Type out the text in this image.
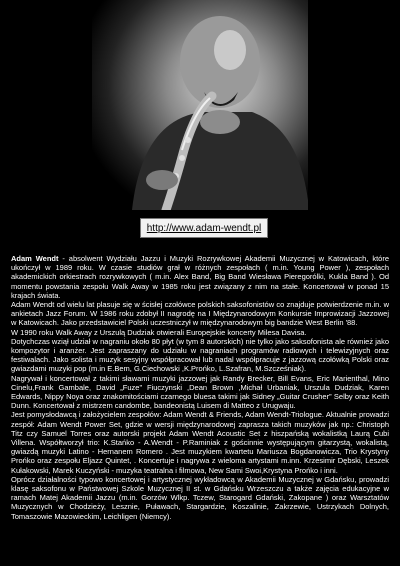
http://www.adam-wendt.pl

Adam Wendt - absolwent Wydziału Jazzu i Muzyki Rozrywkowej Akademii Muzycznej w Katowicach, które ukończył w 1989 roku. W czasie studiów grał w różnych zespołach ( m.in. Young Power ), zespołach akademickich orkiestrach rozrywkowych ( m.in. Alex Band, Big Band Wiesława Pieregorólki, Kukla Band ). Od momentu powstania zespołu Walk Away w 1985 roku jest związany z nim na stałe. Koncertował w ponad 15 krajach świata.

Adam Wendt od wielu lat plasuje się w ścisłej czołówce polskich saksofonistów co znajduje potwierdzenie m.in. w ankietach Jazz Forum. W 1986 roku zdobył II nagrodę na I Międzynarodowym Konkursie Improwizacji Jazzowej w Katowicach. Jako przedstawiciel Polski uczestniczył w międzynarodowym big bandzie West Berlin '88.

W 1990 roku Walk Away z Urszulą Dudziak otwierali Europejskie koncerty Milesa Davisa.

Dotychczas wziął udział w nagraniu około 80 płyt (w tym 8 autorskich) nie tylko jako saksofonista ale również jako kompozytor i aranżer. Jest zapraszany do udziału w nagraniach programów radiowych i telewizyjnych oraz festiwalach. Jako solista i muzyk sesyjny współpracował lub nadal współpracuje z jazzową czołówką Polski oraz gwiazdami muzyki pop (m.in E.Bem, G.Ciechowski ,K.Prońko, L.Szafran, M.Szcześniak).

Nagrywał i koncertował z takimi sławami muzyki jazzowej jak Randy Brecker, Bill Evans, Eric Marienthal, Mino Cinelu,Frank Gambale, David „Fuze” Fiuczynski ,Dean Brown ,Michał Urbaniak, Urszula Dudziak, Karen Edwards, Nippy Noya oraz znakomitościami czarnego bluesa takimi jak Sidney „Guitar Crusher” Selby oraz Keith Dunn. Koncertował z mistrzem candombe, bandeonistą Luisem di Matteo z Urugwaju.

Jest pomysłodawcą i założycielem zespołów: Adam Wendt & Friends, Adam Wendt-Triologue. Aktualnie prowadzi zespół: Adam Wendt Power Set, gdzie w wersji międzynarodowej zaprasza takich muzyków jak np.: Christoph Titz czy Samuel Torres oraz autorski projekt Adam Wendt Acoustic Set z hiszpańską wokalistką Laurą Cubi Villena. Współtworzył trio: K.Stańko - A.Wendt - P.Raminiak z gościnnie występującym gitarzystą, wokalistą, gwiazdą muzyki Latino - Hernanem Romero . Jest muzykiem kwartetu Mariusza Bogdanowicza, Trio Krystyny Prońko oraz zespołu Eljazz Quintet, . Koncertuje i nagrywa z wieloma artystami m.inn. Krzesimir Dębski, Leszek Kułakowski, Marek Kuczyński - muzyka teatralna i filmowa, New Sami Swoi,Krystyna Prońko i inni.

Oprócz działalności typowo koncertowej i artystycznej wykładowcą w Akademii Muzycznej w Gdańsku, prowadzi klasę saksofonu w Państwowej Szkole Muzycznej II st. w Gdańsku Wrzeszczu a także zajęcia edukacyjne w ramach Matej Akademii Jazzu (m.in. Gorzów Wlkp. Tczew, Starogard Gdański, Zakopane ) oraz Warsztatów Muzycznych w Chodzieży, Lesznie, Puławach, Stargardzie, Koszalinie, Zakrzewie, Ustrzykach Dolnych, Tomaszowie Mazowieckim, Leichligen (Niemcy).
